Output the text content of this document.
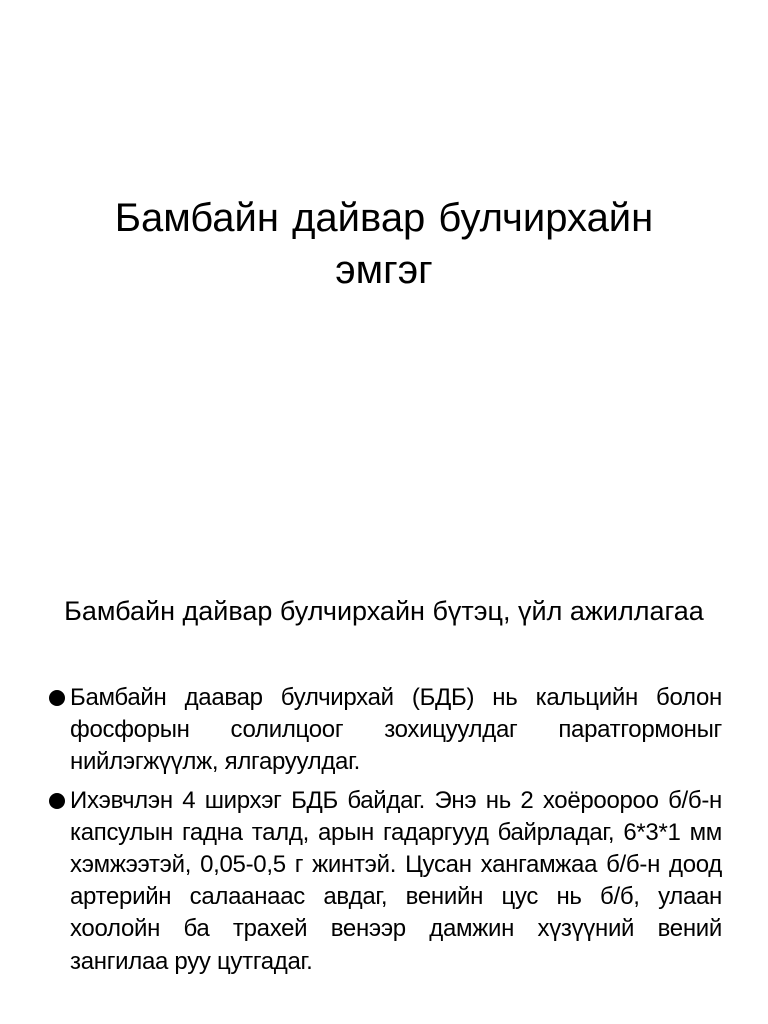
Бамбайн дайвар булчирхайн эмгэг
Бамбайн дайвар булчирхайн бүтэц, үйл ажиллагаа
Бамбайн даавар булчирхай (БДБ) нь кальцийн болон фосфорын солилцоог зохицуулдаг паратгормоныг нийлэгжүүлж, ялгаруулдаг.
Ихэвчлэн 4 ширхэг БДБ байдаг. Энэ нь 2 хоёроороо б/б-н капсулын гадна талд, арын гадаргууд байрладаг, 6*3*1 мм хэмжээтэй, 0,05-0,5 г жинтэй. Цусан хангамжаа б/б-н доод артерийн салаанаас авдаг, венийн цус нь б/б, улаан хоолойн ба трахей венээр дамжин хүзүүний вений зангилаа руу цутгадаг.
